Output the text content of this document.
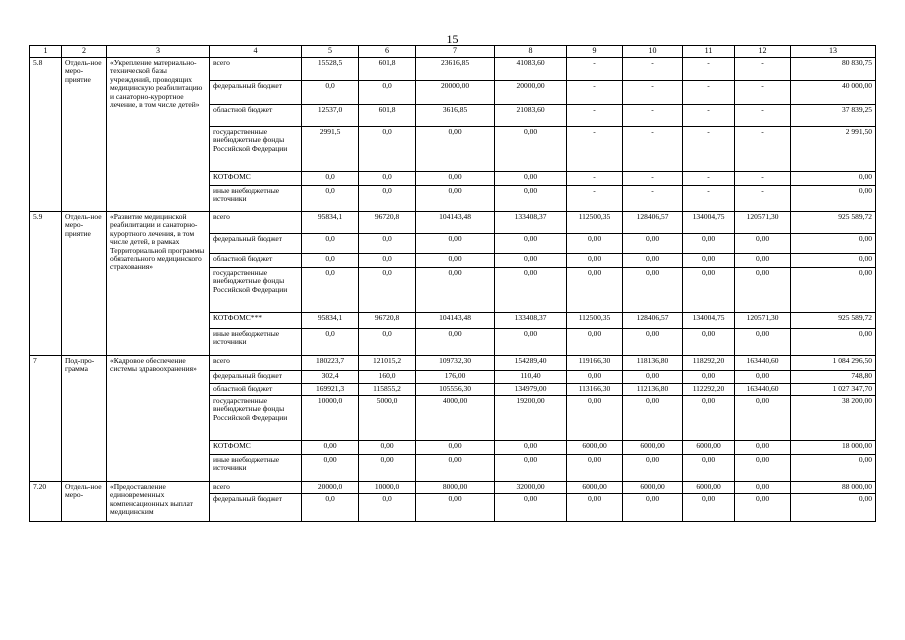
15
1	2	3	4	5	6	7	8	9	10	11	12	13
5.8	Отдель-ное меро-приятие	«Укрепление материально-технической базы учреждений, проводящих медицинскую реабилитацию и санаторно-курортное лечение, в том числе детей»	всего	15528,5	601,8	23616,85	41083,60	-	-	-	-	80 830,75
			федеральный бюджет	0,0	0,0	20000,00	20000,00	-	-	-	-	40 000,00
			областной бюджет	12537,0	601,8	3616,85	21083,60	-	-	-	-	37 839,25
			государственные внебюджетные фонды Российской Федерации	2991,5	0,0	0,00	0,00	-	-	-	-	2 991,50
			КОТФОМС	0,0	0,0	0,00	0,00	-	-	-	-	0,00
			иные внебюджетные источники	0,0	0,0	0,00	0,00	-	-	-	-	0,00
5.9	Отдель-ное меро-приятие	«Развитие медицинской реабилитации и санаторно-курортного лечения, в том числе детей, в рамках Территориальной программы обязательного медицинского страхования»	всего	95834,1	96720,8	104143,48	133408,37	112500,35	128406,57	134004,75	120571,30	925 589,72
			федеральный бюджет	0,0	0,0	0,00	0,00	0,00	0,00	0,00	0,00	0,00
			областной бюджет	0,0	0,0	0,00	0,00	0,00	0,00	0,00	0,00	0,00
			государственные внебюджетные фонды Российской Федерации	0,0	0,0	0,00	0,00	0,00	0,00	0,00	0,00	0,00
			КОТФОМС***	95834,1	96720,8	104143,48	133408,37	112500,35	128406,57	134004,75	120571,30	925 589,72
			иные внебюджетные источники	0,0	0,0	0,00	0,00	0,00	0,00	0,00	0,00	0,00
7	Под-про-грамма	«Кадровое обеспечение системы здравоохранения»	всего	180223,7	121015,2	109732,30	154289,40	119166,30	118136,80	118292,20	163440,60	1 084 296,50
			федеральный бюджет	302,4	160,0	176,00	110,40	0,00	0,00	0,00	0,00	748,80
			областной бюджет	169921,3	115855,2	105556,30	134979,00	113166,30	112136,80	112292,20	163440,60	1 027 347,70
			государственные внебюджетные фонды Российской Федерации	10000,0	5000,0	4000,00	19200,00	0,00	0,00	0,00	0,00	38 200,00
			КОТФОМС	0,00	0,00	0,00	0,00	6000,00	6000,00	6000,00	0,00	18 000,00
			иные внебюджетные источники	0,00	0,00	0,00	0,00	0,00	0,00	0,00	0,00	0,00
7.20	Отдель-ное меро-	«Предоставление единовременных компенсационных выплат медицинским	всего	20000,0	10000,0	8000,00	32000,00	6000,00	6000,00	6000,00	0,00	88 000,00
			федеральный бюджет	0,0	0,0	0,00	0,00	0,00	0,00	0,00	0,00	0,00
